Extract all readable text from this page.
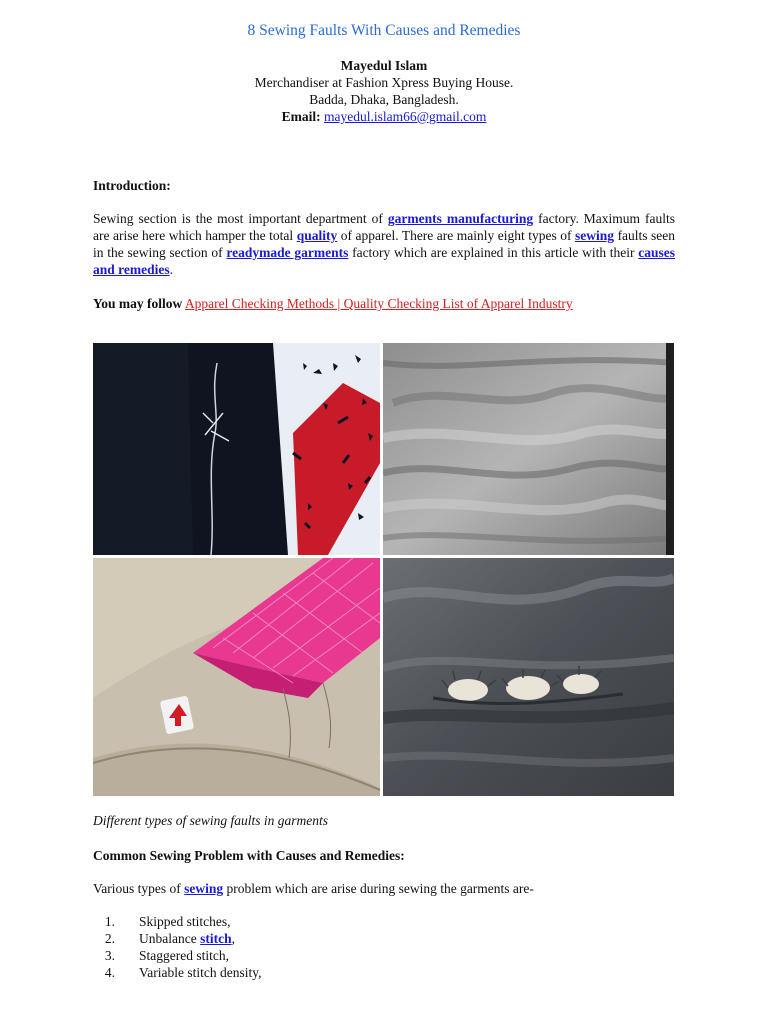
8 Sewing Faults With Causes and Remedies
Mayedul Islam
Merchandiser at Fashion Xpress Buying House.
Badda, Dhaka, Bangladesh.
Email: mayedul.islam66@gmail.com
Introduction:
Sewing section is the most important department of garments manufacturing factory. Maximum faults are arise here which hamper the total quality of apparel. There are mainly eight types of sewing faults seen in the sewing section of readymade garments factory which are explained in this article with their causes and remedies.
You may follow Apparel Checking Methods | Quality Checking List of Apparel Industry
Different types of sewing faults in garments
Common Sewing Problem with Causes and Remedies:
Various types of sewing problem which are arise during sewing the garments are-
1. Skipped stitches,
2. Unbalance stitch,
3. Staggered stitch,
4. Variable stitch density,
